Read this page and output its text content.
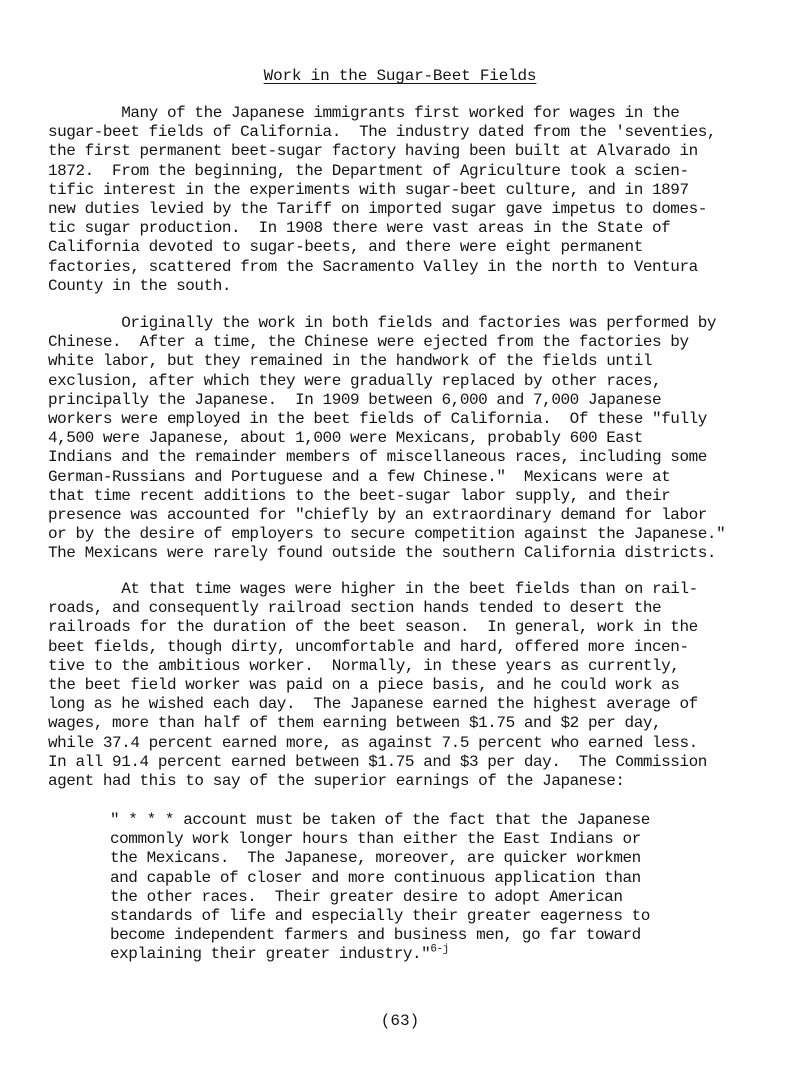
Work in the Sugar-Beet Fields
Many of the Japanese immigrants first worked for wages in the
sugar-beet fields of California.  The industry dated from the 'seventies,
the first permanent beet-sugar factory having been built at Alvarado in
1872.  From the beginning, the Department of Agriculture took a scien-
tific interest in the experiments with sugar-beet culture, and in 1897
new duties levied by the Tariff on imported sugar gave impetus to domes-
tic sugar production.  In 1908 there were vast areas in the State of
California devoted to sugar-beets, and there were eight permanent
factories, scattered from the Sacramento Valley in the north to Ventura
County in the south.
Originally the work in both fields and factories was performed by
Chinese.  After a time, the Chinese were ejected from the factories by
white labor, but they remained in the handwork of the fields until
exclusion, after which they were gradually replaced by other races,
principally the Japanese.  In 1909 between 6,000 and 7,000 Japanese
workers were employed in the beet fields of California.  Of these "fully
4,500 were Japanese, about 1,000 were Mexicans, probably 600 East
Indians and the remainder members of miscellaneous races, including some
German-Russians and Portuguese and a few Chinese."  Mexicans were at
that time recent additions to the beet-sugar labor supply, and their
presence was accounted for "chiefly by an extraordinary demand for labor
or by the desire of employers to secure competition against the Japanese."
The Mexicans were rarely found outside the southern California districts.
At that time wages were higher in the beet fields than on rail-
roads, and consequently railroad section hands tended to desert the
railroads for the duration of the beet season.  In general, work in the
beet fields, though dirty, uncomfortable and hard, offered more incen-
tive to the ambitious worker.  Normally, in these years as currently,
the beet field worker was paid on a piece basis, and he could work as
long as he wished each day.  The Japanese earned the highest average of
wages, more than half of them earning between $1.75 and $2 per day,
while 37.4 percent earned more, as against 7.5 percent who earned less.
In all 91.4 percent earned between $1.75 and $3 per day.  The Commission
agent had this to say of the superior earnings of the Japanese:
" * * * account must be taken of the fact that the Japanese
commonly work longer hours than either the East Indians or
the Mexicans.  The Japanese, moreover, are quicker workmen
and capable of closer and more continuous application than
the other races.  Their greater desire to adopt American
standards of life and especially their greater eagerness to
become independent farmers and business men, go far toward
explaining their greater industry."$^{6-j}$
(63)
